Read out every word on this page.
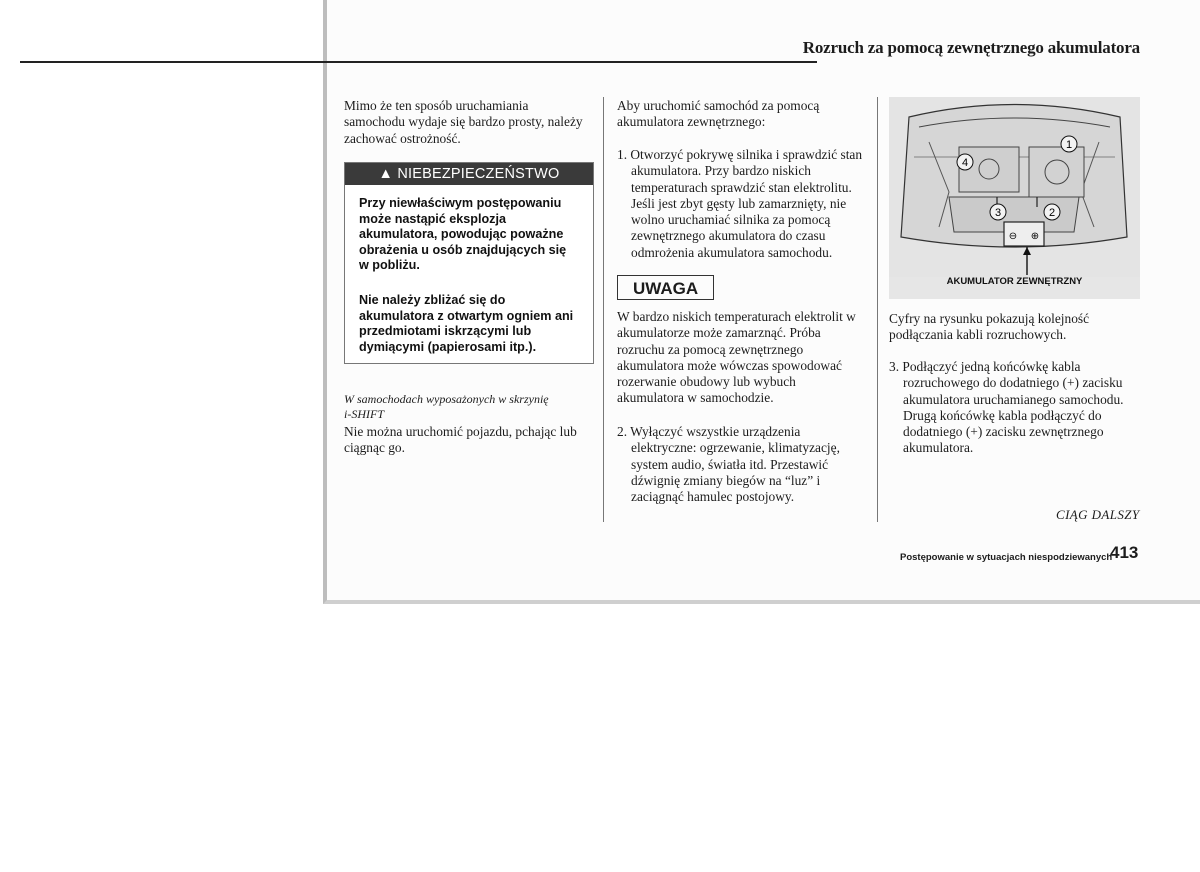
Rozruch za pomocą zewnętrznego akumulatora
Mimo że ten sposób uruchamiania
samochodu wydaje się bardzo prosty, należy
zachować ostrożność.
▲ NIEBEZPIECZEŃSTWO
Przy niewłaściwym postępowaniu
może nastąpić eksplozja
akumulatora, powodując poważne
obrażenia u osób znajdujących się
w pobliżu.
Nie należy zbliżać się do
akumulatora z otwartym ogniem ani
przedmiotami iskrzącymi lub
dymiącymi (papierosami itp.).
W samochodach wyposażonych w skrzynię
i-SHIFT
Nie można uruchomić pojazdu, pchając lub
ciągnąc go.
Aby uruchomić samochód za pomocą
akumulatora zewnętrznego:
1. Otworzyć pokrywę silnika i sprawdzić stan
akumulatora. Przy bardzo niskich
temperaturach sprawdzić stan elektrolitu.
Jeśli jest zbyt gęsty lub zamarznięty, nie
wolno uruchamiać silnika za pomocą
zewnętrznego akumulatora do czasu
odmrożenia akumulatora samochodu.
UWAGA
W bardzo niskich temperaturach elektrolit w
akumulatorze może zamarznąć. Próba
rozruchu za pomocą zewnętrznego
akumulatora może wówczas spowodować
rozerwanie obudowy lub wybuch
akumulatora w samochodzie.
2. Wyłączyć wszystkie urządzenia
elektryczne: ogrzewanie, klimatyzację,
system audio, światła itd. Przestawić
dźwignię zmiany biegów na “luz” i
zaciągnąć hamulec postojowy.
4
1
3	2
⊖ ⊕
AKUMULATOR ZEWNĘTRZNY
Cyfry na rysunku pokazują kolejność
podłączania kabli rozruchowych.
3. Podłączyć jedną końcówkę kabla
rozruchowego do dodatniego (+) zacisku
akumulatora uruchamianego samochodu.
Drugą końcówkę kabla podłączyć do
dodatniego (+) zacisku zewnętrznego
akumulatora.
CIĄG DALSZY
Postępowanie w sytuacjach niespodziewanych
413
